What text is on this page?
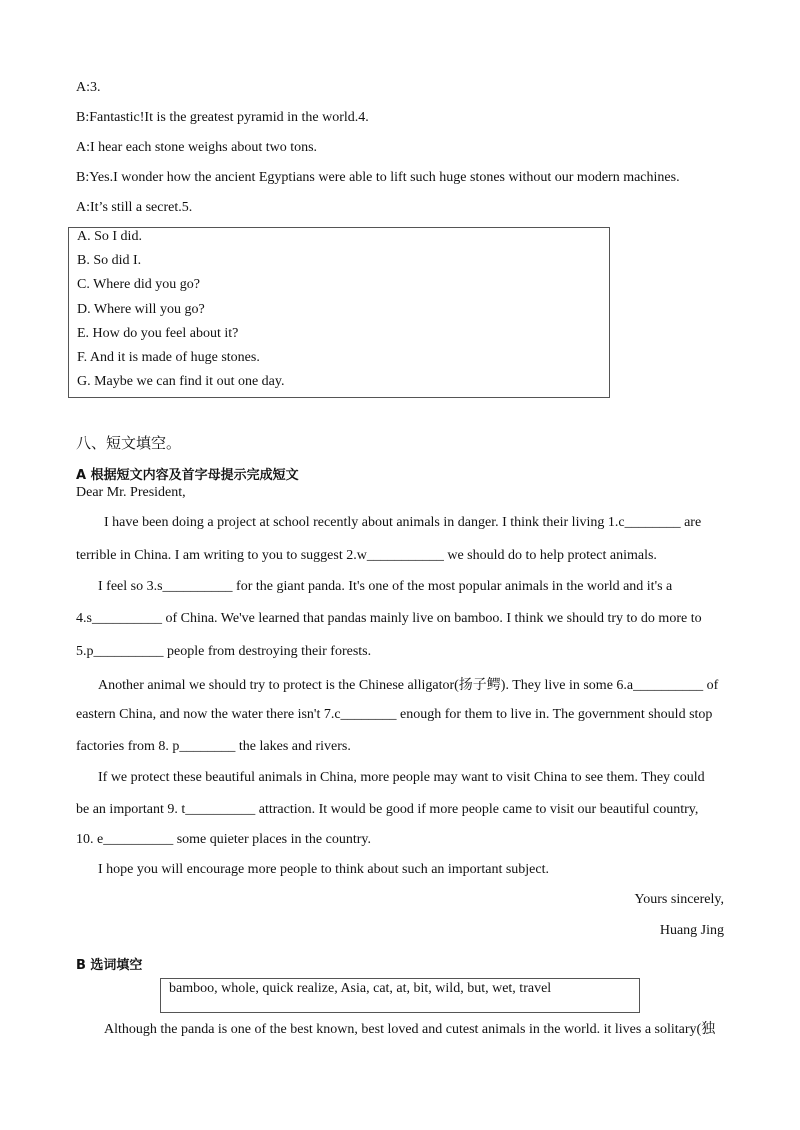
A:3.
B:Fantastic!It is the greatest pyramid in the world.4.
A:I hear each stone weighs about two tons.
B:Yes.I wonder how the ancient Egyptians were able to lift such huge stones without our modern machines.
A:It’s still a secret.5.
A. So I did.
B. So did I.
C. Where did you go?
D. Where will you go?
E. How do you feel about it?
F. And it is made of huge stones.
G. Maybe we can find it out one day.
八、短文填空。
A 根据短文内容及首字母提示完成短文
Dear Mr. President,
I have been doing a project at school recently about animals in danger. I think their living 1.c________ are
terrible in China. I am writing to you to suggest 2.w___________ we should do to help protect animals.
I feel so 3.s__________ for the giant panda. It's one of the most popular animals in the world and it's a
4.s__________ of China. We've learned that pandas mainly live on bamboo. I think we should try to do more to
5.p__________ people from destroying their forests.
Another animal we should try to protect is the Chinese alligator(扬子鳄). They live in some 6.a__________ of
eastern China, and now the water there isn't 7.c________ enough for them to live in. The government should stop
factories from 8. p________ the lakes and rivers.
If we protect these beautiful animals in China, more people may want to visit China to see them. They could
be an important 9. t__________ attraction. It would be good if more people came to visit our beautiful country,
10. e__________ some quieter places in the country.
I hope you will encourage more people to think about such an important subject.
Yours sincerely,
Huang Jing
B 选词填空
bamboo, whole, quick realize, Asia, cat, at, bit, wild, but, wet, travel
Although the panda is one of the best known, best loved and cutest animals in the world. it lives a solitary(独
